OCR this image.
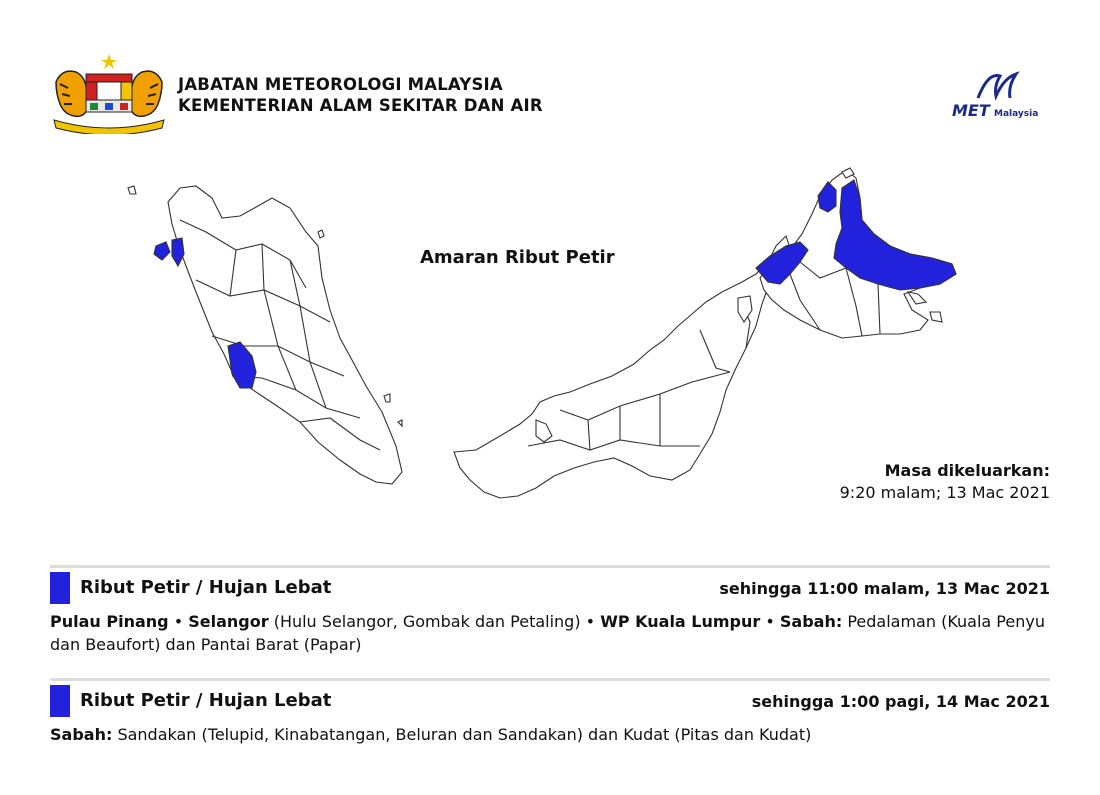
JABATAN METEOROLOGI MALAYSIA
KEMENTERIAN ALAM SEKITAR DAN AIR	MET Malaysia
Amaran Ribut Petir
Masa dikeluarkan:
9:20 malam; 13 Mac 2021
Ribut Petir / Hujan Lebat	sehingga 11:00 malam, 13 Mac 2021
Pulau Pinang • Selangor (Hulu Selangor, Gombak dan Petaling) • WP Kuala Lumpur • Sabah: Pedalaman (Kuala Penyu dan Beaufort) dan Pantai Barat (Papar)
Ribut Petir / Hujan Lebat	sehingga 1:00 pagi, 14 Mac 2021
Sabah: Sandakan (Telupid, Kinabatangan, Beluran dan Sandakan) dan Kudat (Pitas dan Kudat)
